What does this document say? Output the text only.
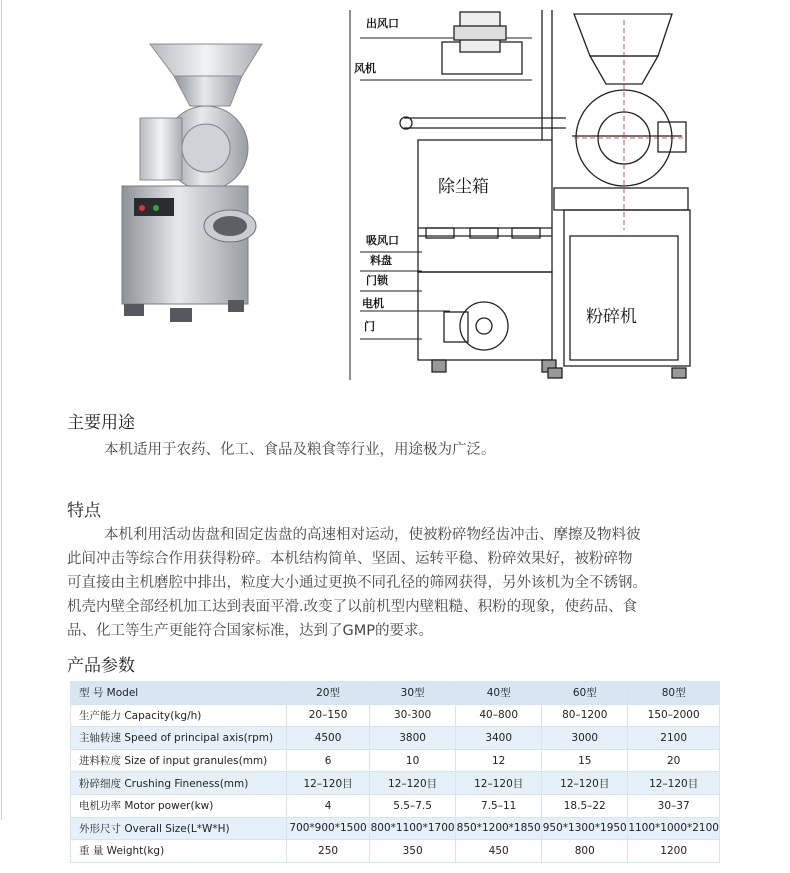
出风口
风机
除尘箱
吸风口
料盘
门锁
电机
门	粉碎机
主要用途
本机适用于农药、化工、食品及粮食等行业，用途极为广泛。
特点
本机利用活动齿盘和固定齿盘的高速相对运动，使被粉碎物经齿冲击、摩擦及物料彼
此间冲击等综合作用获得粉碎。本机结构简单、坚固、运转平稳、粉碎效果好，被粉碎物
可直接由主机磨腔中排出，粒度大小通过更换不同孔径的筛网获得，另外该机为全不锈钢。
机壳内壁全部经机加工达到表面平滑.改变了以前机型内壁粗糙、积粉的现象，使药品、食
品、化工等生产更能符合国家标准，达到了GMP的要求。
产品参数
型 号 Model	20型	30型	40型	60型	80型
生产能力 Capacity(kg/h)	20–150	30-300	40–800	80–1200	150–2000
主轴转速 Speed of principal axis(rpm)	4500	3800	3400	3000	2100
进料粒度 Size of input granules(mm)	6	10	12	15	20
粉碎细度 Crushing Fineness(mm)	12–120目	12–120目	12–120目	12–120目	12–120目
电机功率 Motor power(kw)	4	5.5–7.5	7.5–11	18.5–22	30–37
外形尺寸 Overall Size(L*W*H)	700*900*1500	800*1100*1700	850*1200*1850	950*1300*1950	1100*1000*2100
重 量 Weight(kg)	250	350	450	800	1200
